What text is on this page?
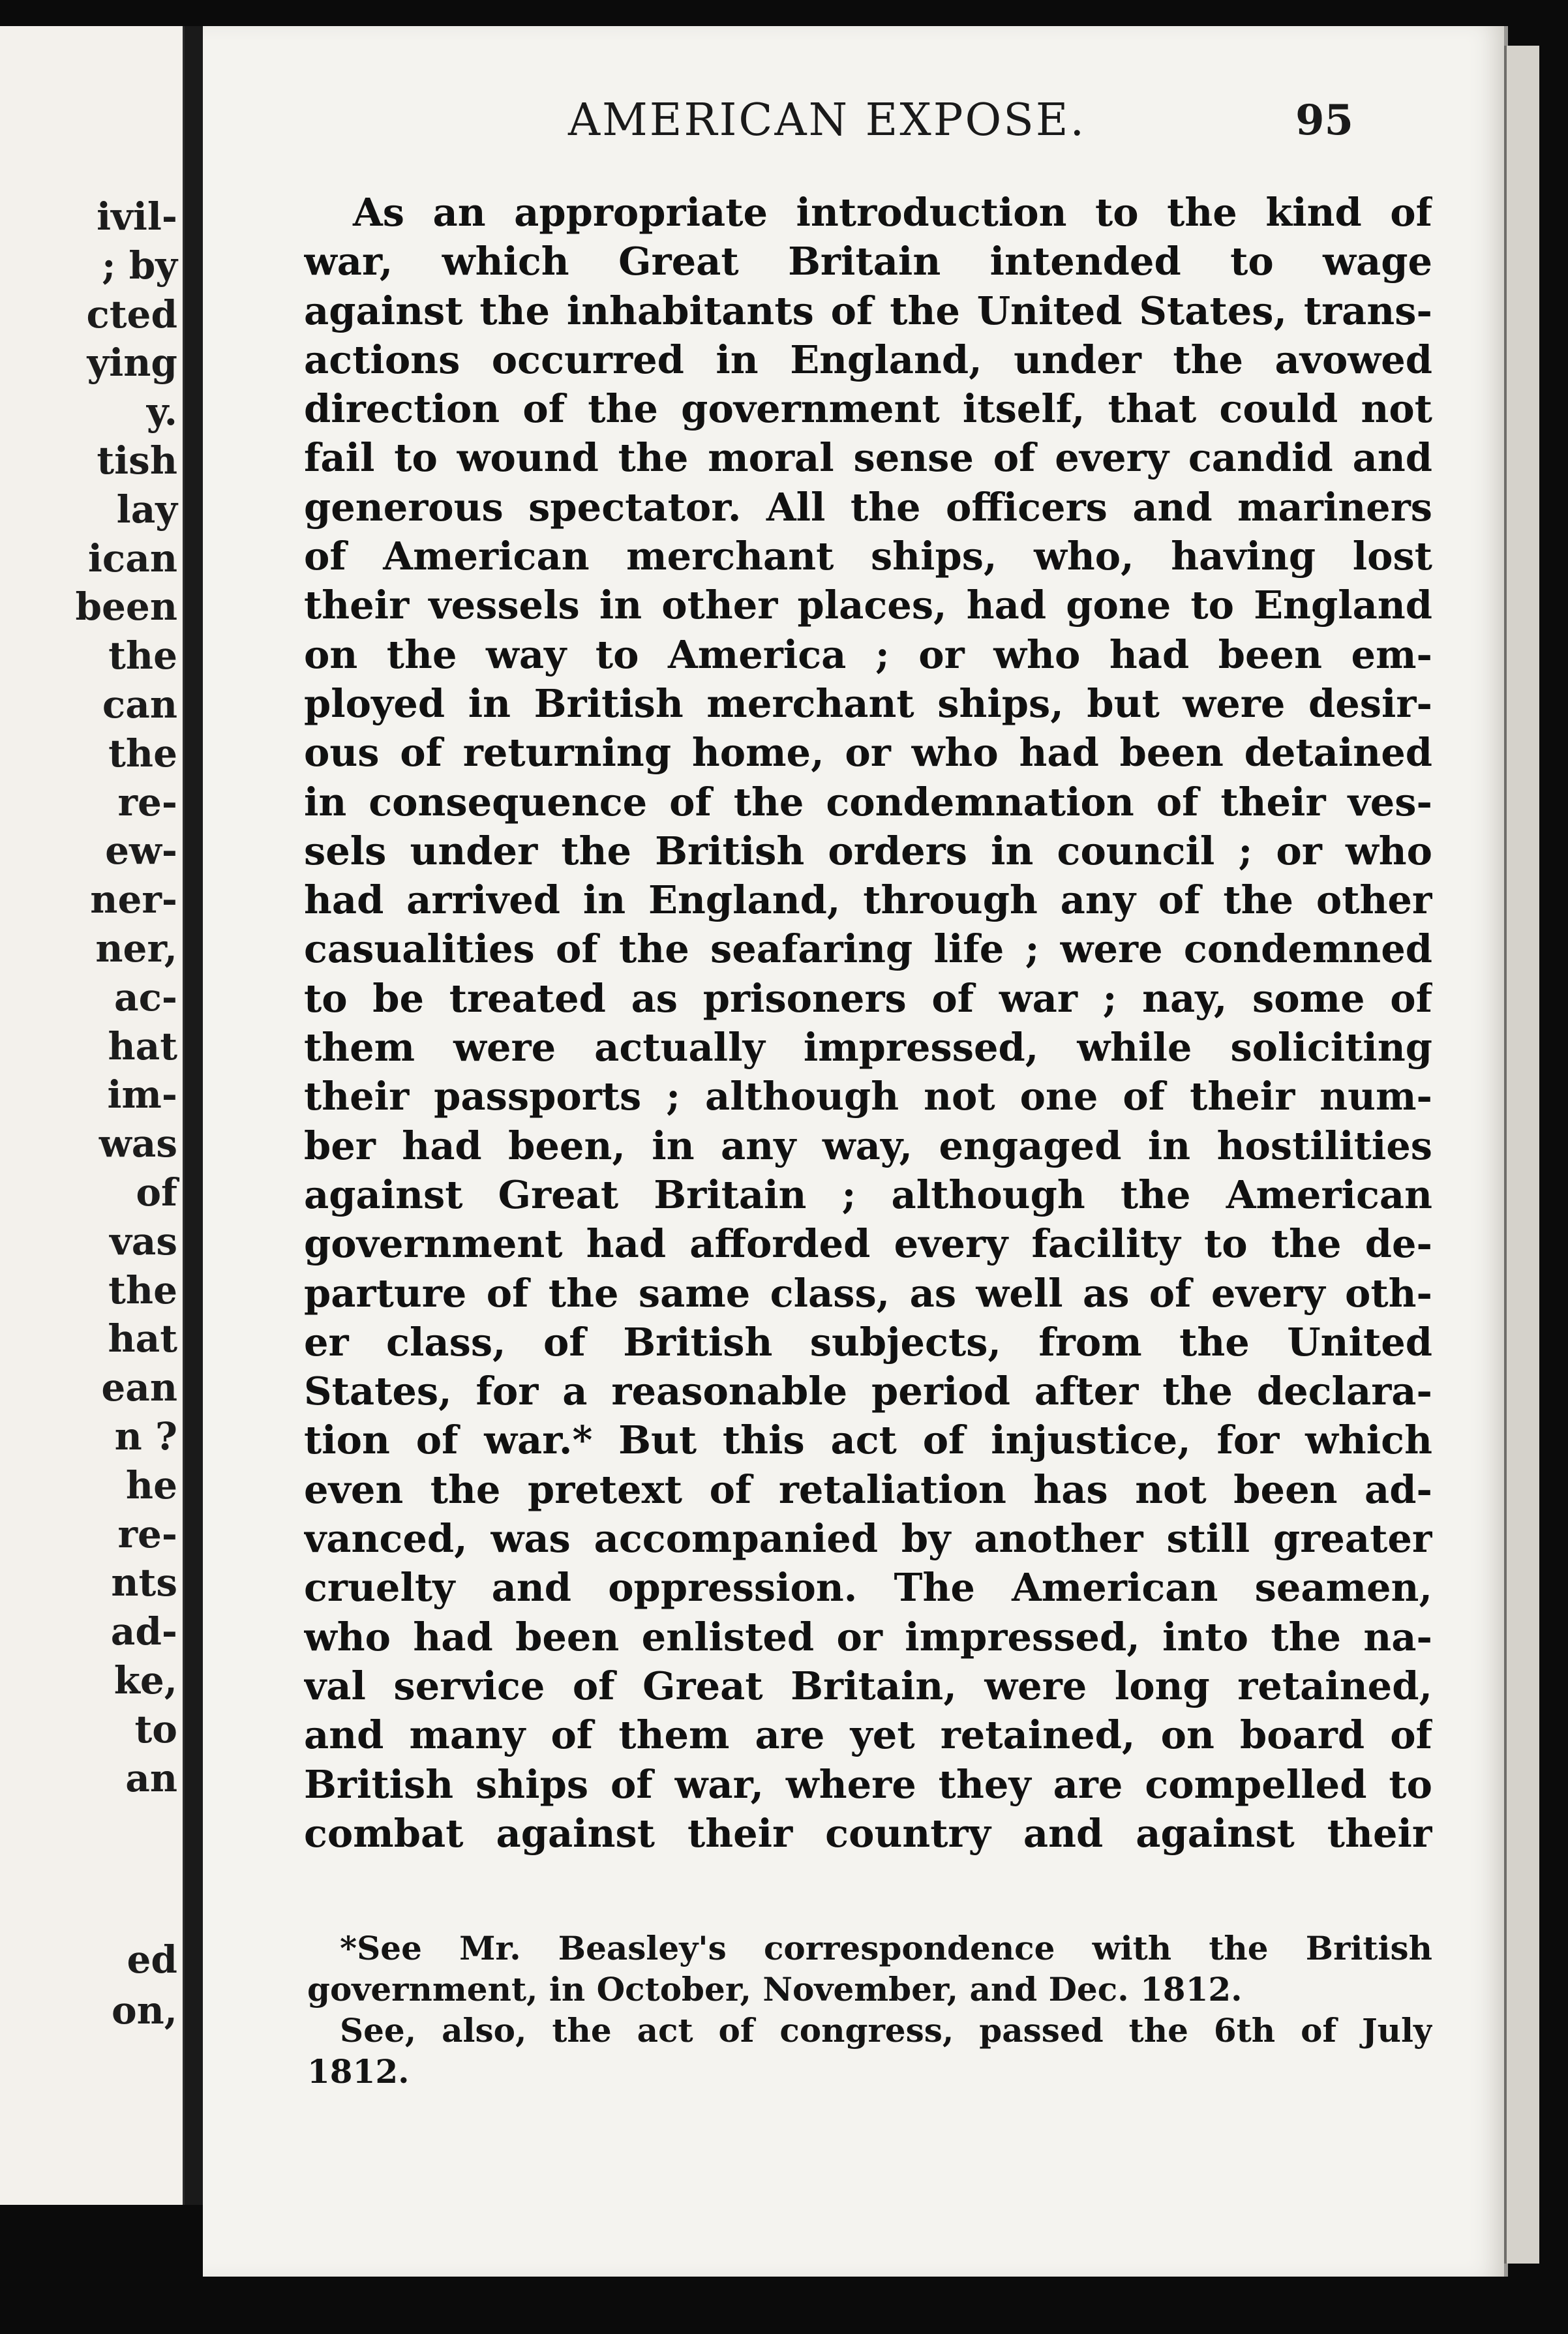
ivil-
; by
cted
ying
y.
tish
lay
ican
been
the
can
the
re-
ew-
ner-
ner,
ac-
hat
im-
was
of
vas
the
hat
ean
n ?
he
re-
nts
ad-
ke,
to
an
ed
on,
AMERICAN EXPOSE.	95
As an appropriate introduction to the kind of
war, which Great Britain intended to wage
against the inhabitants of the United States, trans-
actions occurred in England, under the avowed
direction of the government itself, that could not
fail to wound the moral sense of every candid and
generous spectator. All the officers and mariners
of American merchant ships, who, having lost
their vessels in other places, had gone to England
on the way to America ; or who had been em-
ployed in British merchant ships, but were desir-
ous of returning home, or who had been detained
in consequence of the condemnation of their ves-
sels under the British orders in council ; or who
had arrived in England, through any of the other
casualities of the seafaring life ; were condemned
to be treated as prisoners of war ; nay, some of
them were actually impressed, while soliciting
their passports ; although not one of their num-
ber had been, in any way, engaged in hostilities
against Great Britain ; although the American
government had afforded every facility to the de-
parture of the same class, as well as of every oth-
er class, of British subjects, from the United
States, for a reasonable period after the declara-
tion of war.* But this act of injustice, for which
even the pretext of retaliation has not been ad-
vanced, was accompanied by another still greater
cruelty and oppression. The American seamen,
who had been enlisted or impressed, into the na-
val service of Great Britain, were long retained,
and many of them are yet retained, on board of
British ships of war, where they are compelled to
combat against their country and against their
*See Mr. Beasley's correspondence with the British
government, in October, November, and Dec. 1812.
See, also, the act of congress, passed the 6th of July
1812.
